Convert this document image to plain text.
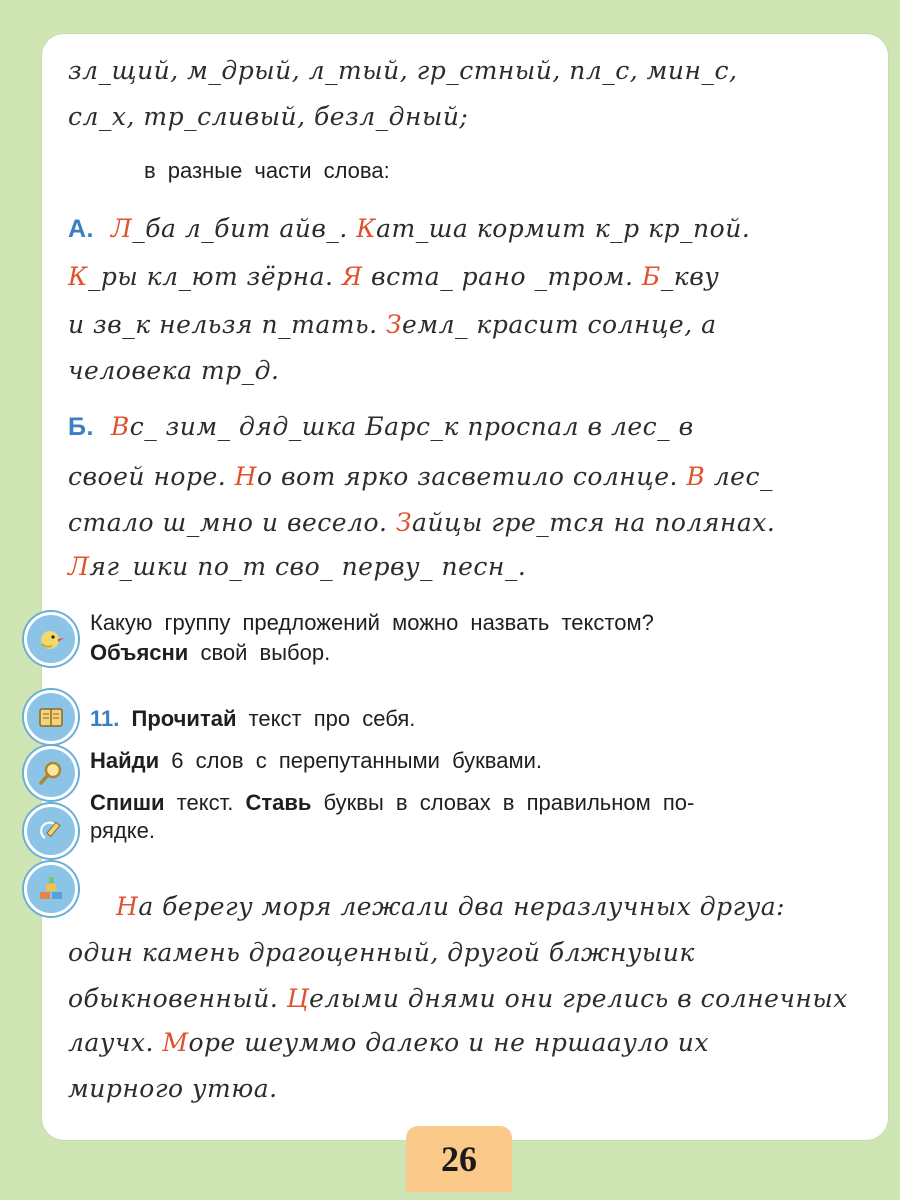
зл_щий, м_дрый, л_тый, гр_стный, пл_с, мин_с,
сл_х, тр_сливый, безл_дный;
в разные части слова:
А. Л_ба л_бит айв_. Кат_ша кормит к_р кр_пой.
К_ры кл_ют зёрна. Я вста_ рано _тром. Б_кву
и зв_к нельзя п_тать. Земл_ красит солнце, а
человека тр_д.
Б. Вс_ зим_ дяд_шка Барс_к проспал в лес_ в
своей норе. Но вот ярко засветило солнце. В лес_
стало ш_мно и весело. Зайцы гре_тся на полянах.
Ляг_шки по_т сво_ перву_ песн_.
Какую группу предложений можно назвать текстом?
Объясни свой выбор.
11. Прочитай текст про себя.
Найди 6 слов с перепутанными буквами.
Спиши текст. Ставь буквы в словах в правильном по-
рядке.
На берегу моря лежали два неразлучных дргуа:
один камень драгоценный, другой блжнуыик
обыкновенный. Целыми днями они грелись в солнечных
лаучх. Море шеуммо далеко и не нршаауло их
мирного утюа.
26
